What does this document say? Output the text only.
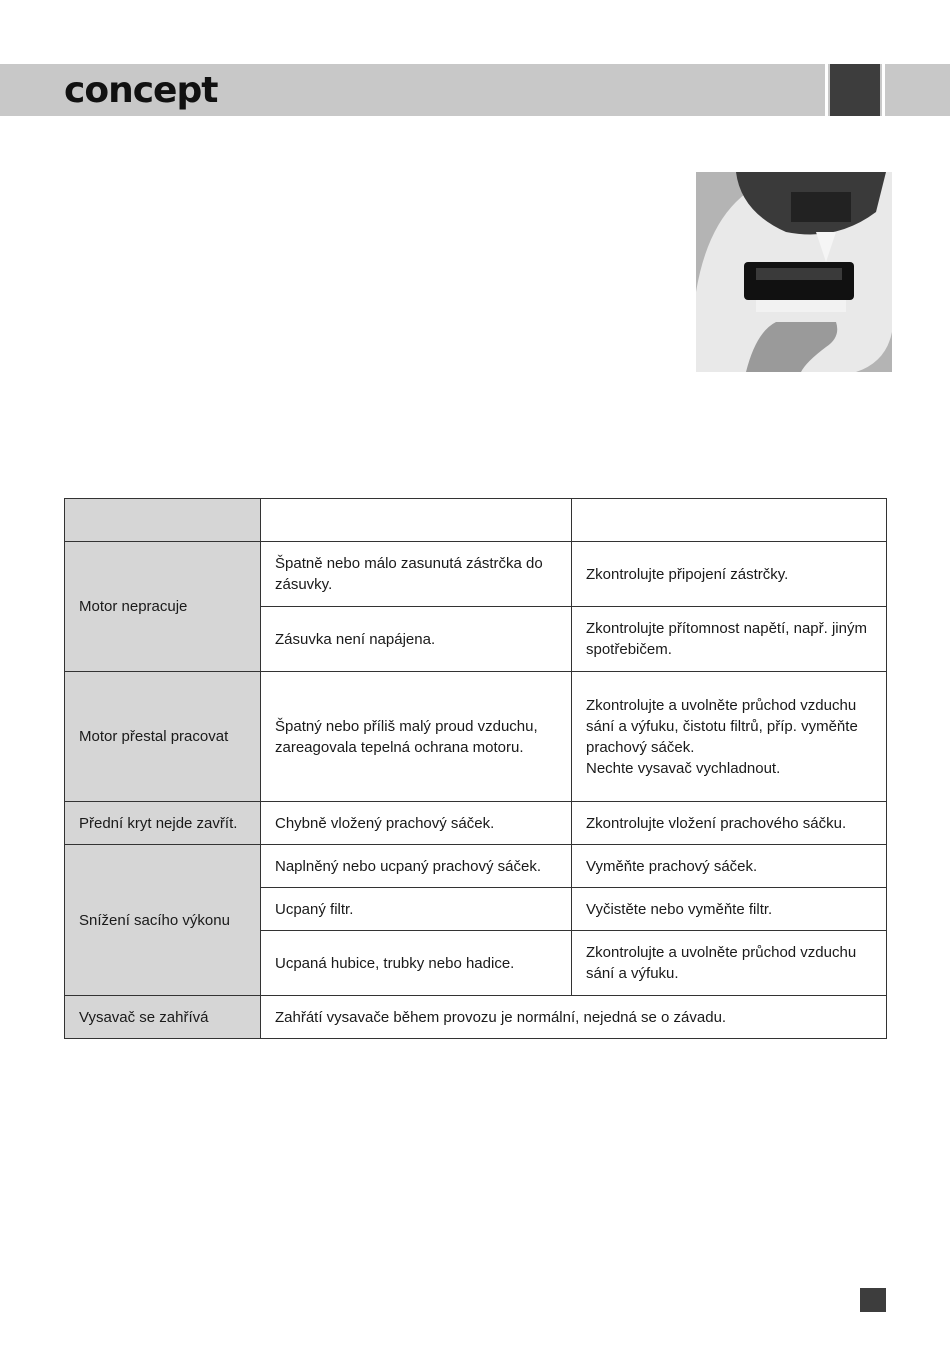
concept

Motor nepracuje	Špatně nebo málo zasunutá zástrčka do zásuvky.	Zkontrolujte připojení zástrčky.
	Zásuvka není napájena.	Zkontrolujte přítomnost napětí, např. jiným spotřebičem.
Motor přestal pracovat	Špatný nebo příliš malý proud vzduchu, zareagovala tepelná ochrana motoru.	Zkontrolujte a uvolněte průchod vzduchu sání a výfuku, čistotu filtrů, příp. vyměňte prachový sáček.
Nechte vysavač vychladnout.

Přední kryt nejde zavřít.	Chybně vložený prachový sáček.	Zkontrolujte vložení prachového sáčku.
Snížení sacího výkonu	Naplněný nebo ucpaný prachový sáček.	Vyměňte prachový sáček.
	Ucpaný filtr.	Vyčistěte nebo vyměňte filtr.
	Ucpaná hubice, trubky nebo hadice.	Zkontrolujte a uvolněte průchod vzduchu sání a výfuku.
Vysavač se zahřívá	Zahřátí vysavače během provozu je normální, nejedná se o závadu.	
